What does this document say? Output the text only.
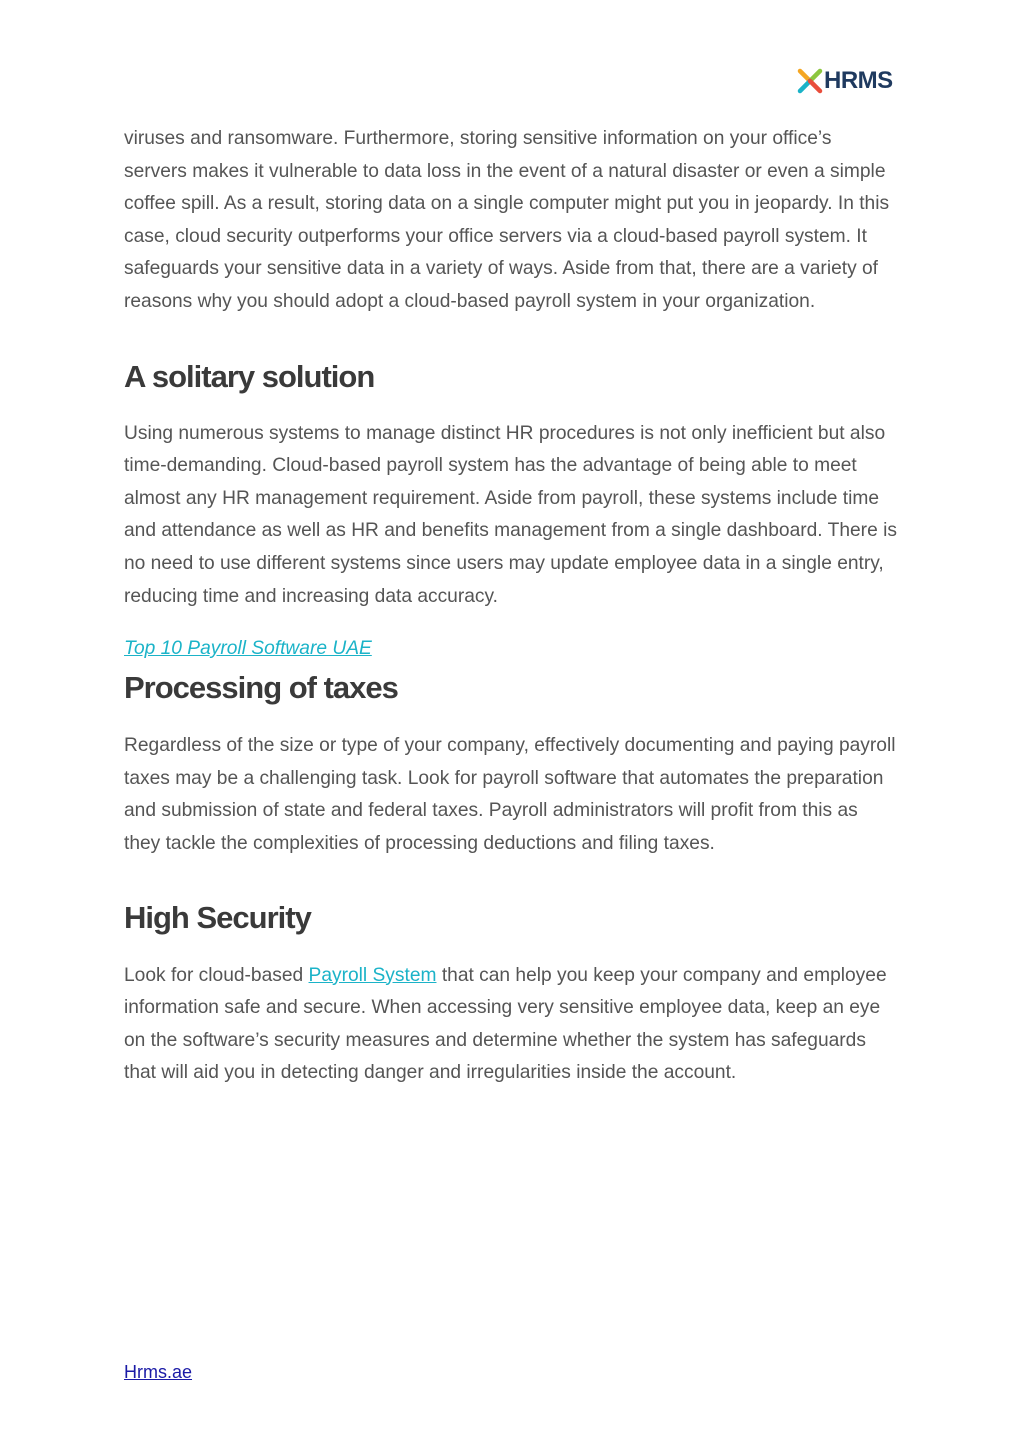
HRMS

viruses and ransomware. Furthermore, storing sensitive information on your office’s servers makes it vulnerable to data loss in the event of a natural disaster or even a simple coffee spill. As a result, storing data on a single computer might put you in jeopardy. In this case, cloud security outperforms your office servers via a cloud-based payroll system. It safeguards your sensitive data in a variety of ways. Aside from that, there are a variety of reasons why you should adopt a cloud-based payroll system in your organization.

A solitary solution

Using numerous systems to manage distinct HR procedures is not only inefficient but also time-demanding. Cloud-based payroll system has the advantage of being able to meet almost any HR management requirement. Aside from payroll, these systems include time and attendance as well as HR and benefits management from a single dashboard. There is no need to use different systems since users may update employee data in a single entry, reducing time and increasing data accuracy.

Top 10 Payroll Software UAE
Processing of taxes

Regardless of the size or type of your company, effectively documenting and paying payroll taxes may be a challenging task. Look for payroll software that automates the preparation and submission of state and federal taxes. Payroll administrators will profit from this as they tackle the complexities of processing deductions and filing taxes.

High Security

Look for cloud-based Payroll System that can help you keep your company and employee information safe and secure. When accessing very sensitive employee data, keep an eye on the software’s security measures and determine whether the system has safeguards that will aid you in detecting danger and irregularities inside the account.

Hrms.ae
